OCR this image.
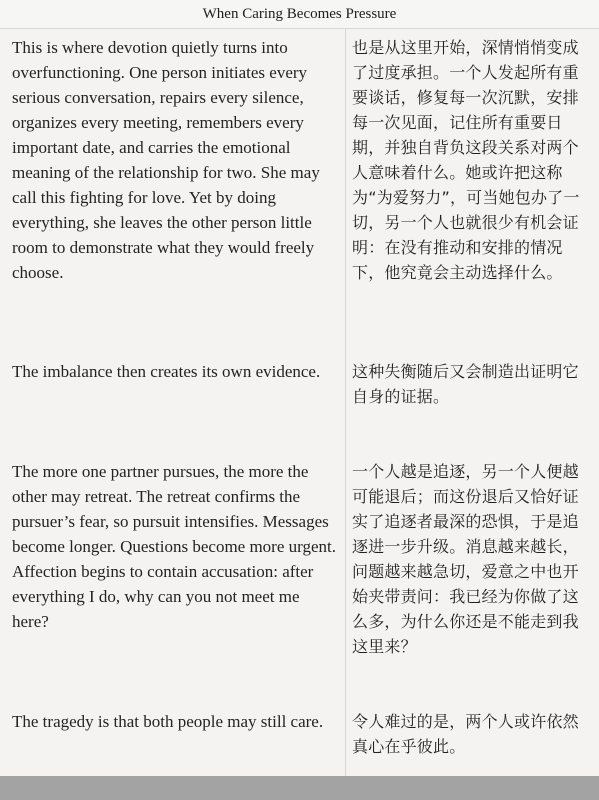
When Caring Becomes Pressure
This is where devotion quietly turns into overfunctioning. One person initiates every serious conversation, repairs every silence, organizes every meeting, remembers every important date, and carries the emotional meaning of the relationship for two. She may call this fighting for love. Yet by doing everything, she leaves the other person little room to demonstrate what they would freely choose.
也是从这里开始，深情悄悄变成了过度承担。一个人发起所有重要谈话，修复每一次沉默，安排每一次见面，记住所有重要日期，并独自背负这段关系对两个人意味着什么。她或许把这称为“为爱努力”，可当她包办了一切，另一个人也就很少有机会证明：在没有推动和安排的情况下，他究竟会主动选择什么。
The imbalance then creates its own evidence.	这种失衡随后又会制造出证明它自身的证据。
The more one partner pursues, the more the other may retreat. The retreat confirms the pursuer’s fear, so pursuit intensifies. Messages become longer. Questions become more urgent. Affection begins to contain accusation: after everything I do, why can you not meet me here?
一个人越是追逐，另一个人便越可能退后；而这份退后又恰好证实了追逐者最深的恐惧，于是追逐进一步升级。消息越来越长，问题越来越急切，爱意之中也开始夹带责问：我已经为你做了这么多，为什么你还是不能走到我这里来？
The tragedy is that both people may still care.	令人难过的是，两个人或许依然真心在乎彼此。
